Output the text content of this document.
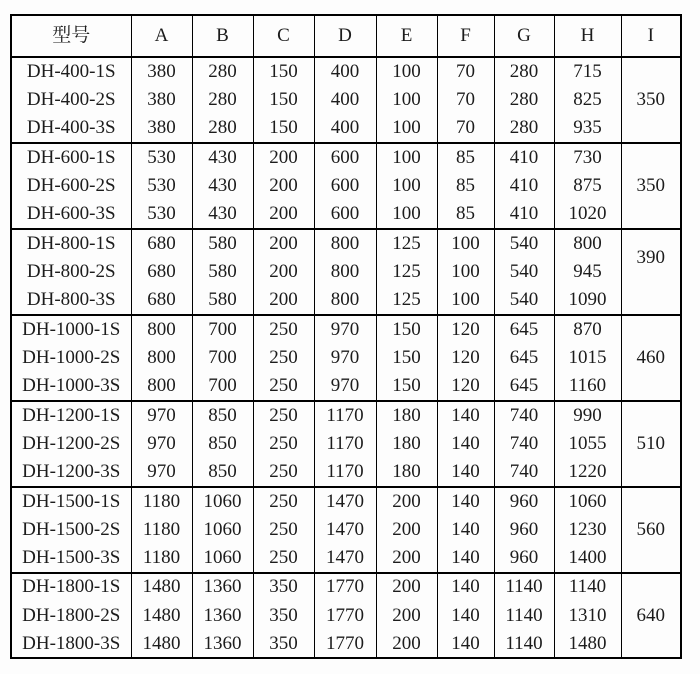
型号	A	B	C	D	E	F	G	H	I
DH-400-1S	380	280	150	400	100	70	280	715	350
DH-400-2S	380	280	150	400	100	70	280	825	
DH-400-3S	380	280	150	400	100	70	280	935	
DH-600-1S	530	430	200	600	100	85	410	730	350
DH-600-2S	530	430	200	600	100	85	410	875	
DH-600-3S	530	430	200	600	100	85	410	1020	
DH-800-1S	680	580	200	800	125	100	540	800	390
DH-800-2S	680	580	200	800	125	100	540	945	
DH-800-3S	680	580	200	800	125	100	540	1090	
DH-1000-1S	800	700	250	970	150	120	645	870	460
DH-1000-2S	800	700	250	970	150	120	645	1015	
DH-1000-3S	800	700	250	970	150	120	645	1160	
DH-1200-1S	970	850	250	1170	180	140	740	990	510
DH-1200-2S	970	850	250	1170	180	140	740	1055	
DH-1200-3S	970	850	250	1170	180	140	740	1220	
DH-1500-1S	1180	1060	250	1470	200	140	960	1060	560
DH-1500-2S	1180	1060	250	1470	200	140	960	1230	
DH-1500-3S	1180	1060	250	1470	200	140	960	1400	
DH-1800-1S	1480	1360	350	1770	200	140	1140	1140	640
DH-1800-2S	1480	1360	350	1770	200	140	1140	1310	
DH-1800-3S	1480	1360	350	1770	200	140	1140	1480	
